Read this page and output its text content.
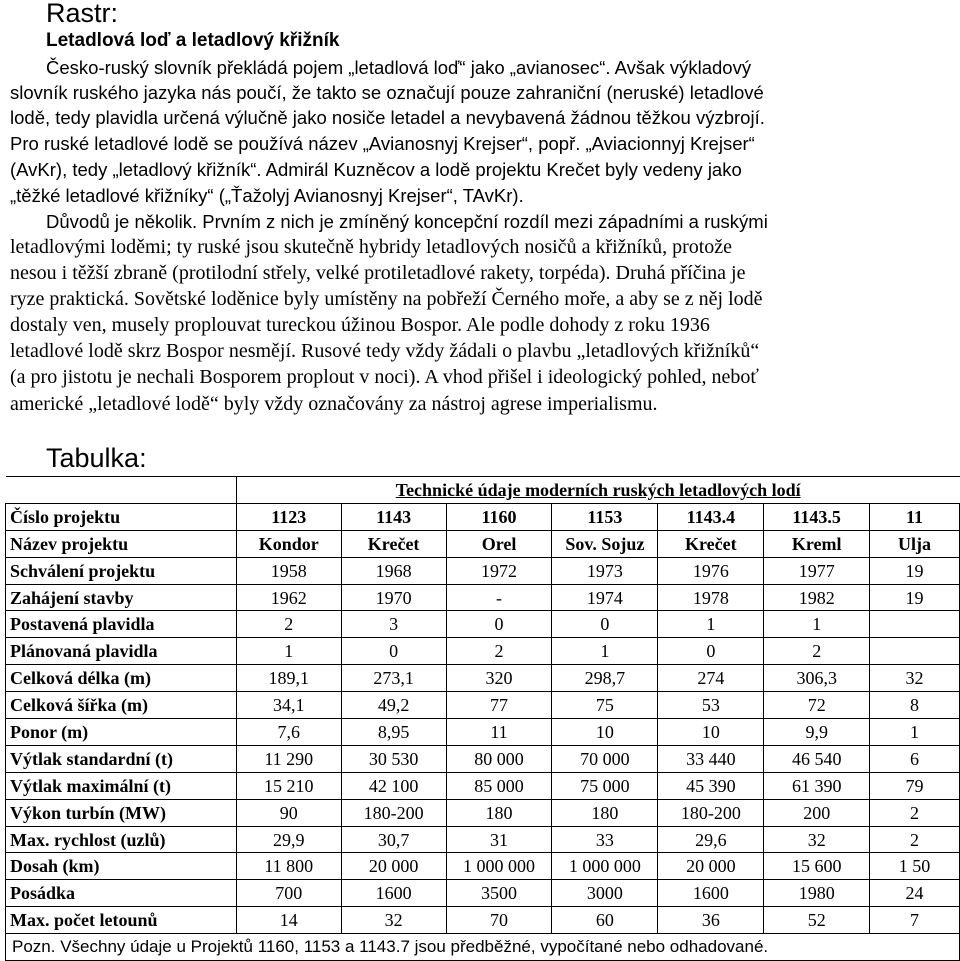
Rastr:
Letadlová loď a letadlový křižník
Česko-ruský slovník překládá pojem „letadlová loď“ jako „avianosec“. Avšak výkladový
slovník ruského jazyka nás poučí, že takto se označují pouze zahraniční (neruské) letadlové
lodě, tedy plavidla určená výlučně jako nosiče letadel a nevybavená žádnou těžkou výzbrojí.
Pro ruské letadlové lodě se používá název „Avianosnyj Krejser“, popř. „Aviacionnyj Krejser“
(AvKr), tedy „letadlový křižník“. Admirál Kuzněcov a lodě projektu Krečet byly vedeny jako
„těžké letadlové křižníky“ („Ťažolyj Avianosnyj Krejser“, TAvKr).
Důvodů je několik. Prvním z nich je zmíněný koncepční rozdíl mezi západními a ruskými
letadlovými loděmi; ty ruské jsou skutečně hybridy letadlových nosičů a křižníků, protože
nesou i těžší zbraně (protilodní střely, velké protiletadlové rakety, torpéda). Druhá příčina je
ryze praktická. Sovětské loděnice byly umístěny na pobřeží Černého moře, a aby se z něj lodě
dostaly ven, musely proplouvat tureckou úžinou Bospor. Ale podle dohody z roku 1936
letadlové lodě skrz Bospor nesmějí. Rusové tedy vždy žádali o plavbu „letadlových křižníků“
(a pro jistotu je nechali Bosporem proplout v noci). A vhod přišel i ideologický pohled, neboť
americké „letadlové lodě“ byly vždy označovány za nástroj agrese imperialismu.
Tabulka:
	Technické údaje moderních ruských letadlových lodí						
Číslo projektu	1123	1143	1160	1153	1143.4	1143.5	11
Název projektu	Kondor	Krečet	Orel	Sov. Sojuz	Krečet	Kreml	Ulja
Schválení projektu	1958	1968	1972	1973	1976	1977	19
Zahájení stavby	1962	1970	-	1974	1978	1982	19
Postavená plavidla	2	3	0	0	1	1	
Plánovaná plavidla	1	0	2	1	0	2	
Celková délka (m)	189,1	273,1	320	298,7	274	306,3	32
Celková šířka (m)	34,1	49,2	77	75	53	72	8
Ponor (m)	7,6	8,95	11	10	10	9,9	1
Výtlak standardní (t)	11 290	30 530	80 000	70 000	33 440	46 540	6
Výtlak maximální (t)	15 210	42 100	85 000	75 000	45 390	61 390	79
Výkon turbín (MW)	90	180-200	180	180	180-200	200	2
Max. rychlost (uzlů)	29,9	30,7	31	33	29,6	32	2
Dosah (km)	11 800	20 000	1 000 000	1 000 000	20 000	15 600	1 50
Posádka	700	1600	3500	3000	1600	1980	24
Max. počet letounů	14	32	70	60	36	52	7
Pozn. Všechny údaje u Projektů 1160, 1153 a 1143.7 jsou předběžné, vypočítané nebo odhadované.							
